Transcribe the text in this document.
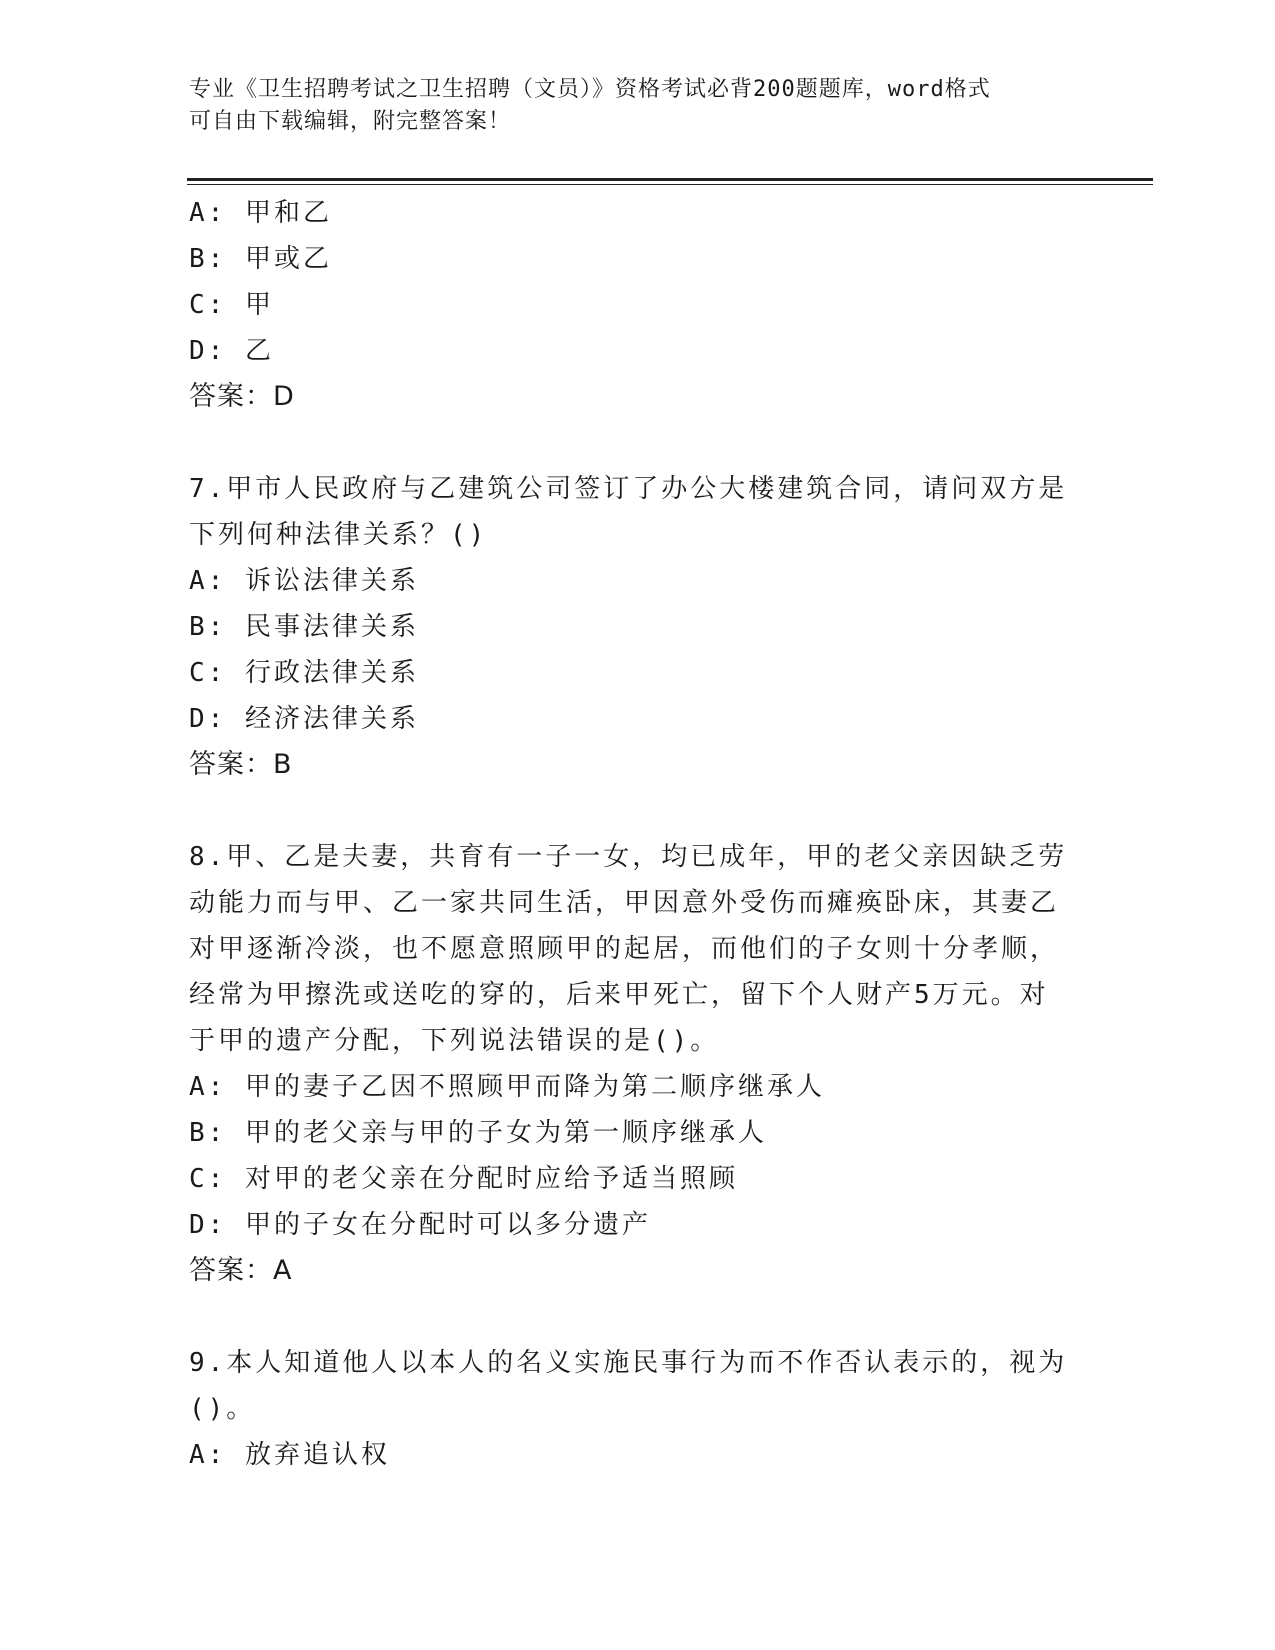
专业《卫生招聘考试之卫生招聘（文员）》资格考试必背200题题库，word格式
可自由下载编辑，附完整答案！
A: 甲和乙
B: 甲或乙
C: 甲
D: 乙
答案：D
7.甲市人民政府与乙建筑公司签订了办公大楼建筑合同，请问双方是
下列何种法律关系？()
A: 诉讼法律关系
B: 民事法律关系
C: 行政法律关系
D: 经济法律关系
答案：B
8.甲、乙是夫妻，共育有一子一女，均已成年，甲的老父亲因缺乏劳
动能力而与甲、乙一家共同生活，甲因意外受伤而瘫痪卧床，其妻乙
对甲逐渐冷淡，也不愿意照顾甲的起居，而他们的子女则十分孝顺，
经常为甲擦洗或送吃的穿的，后来甲死亡，留下个人财产5万元。对
于甲的遗产分配，下列说法错误的是()。
A: 甲的妻子乙因不照顾甲而降为第二顺序继承人
B: 甲的老父亲与甲的子女为第一顺序继承人
C: 对甲的老父亲在分配时应给予适当照顾
D: 甲的子女在分配时可以多分遗产
答案：A
9.本人知道他人以本人的名义实施民事行为而不作否认表示的，视为
()。
A: 放弃追认权
